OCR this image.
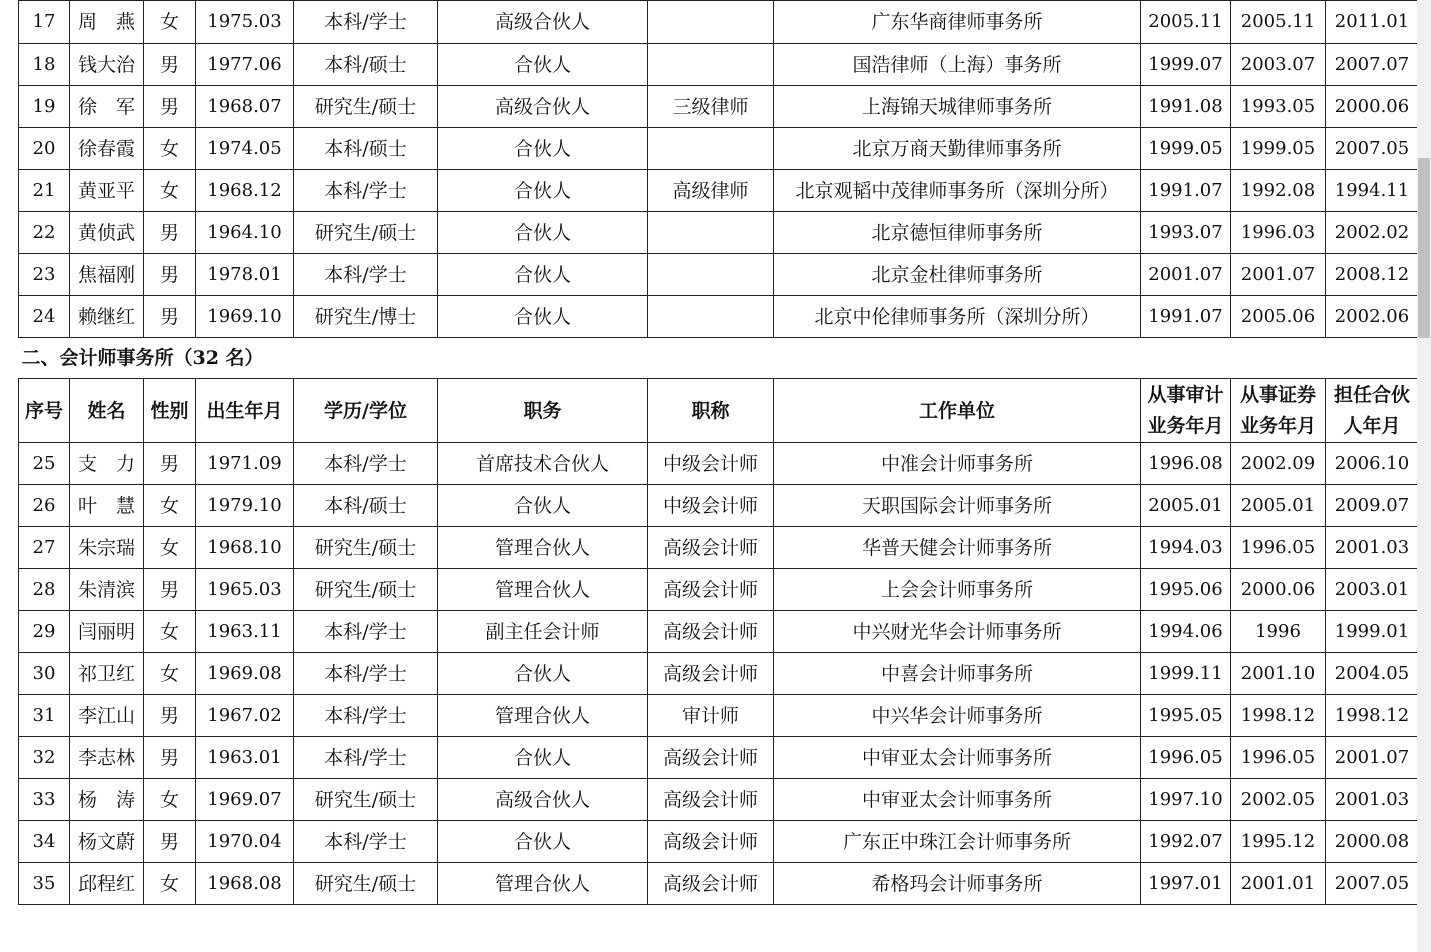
17	周　燕	女	1975.03	本科/学士	高级合伙人		广东华商律师事务所	2005.11	2005.11	2011.01
18	钱大治	男	1977.06	本科/硕士	合伙人		国浩律师（上海）事务所	1999.07	2003.07	2007.07
19	徐　军	男	1968.07	研究生/硕士	高级合伙人	三级律师	上海锦天城律师事务所	1991.08	1993.05	2000.06
20	徐春霞	女	1974.05	本科/硕士	合伙人		北京万商天勤律师事务所	1999.05	1999.05	2007.05
21	黄亚平	女	1968.12	本科/学士	合伙人	高级律师	北京观韬中茂律师事务所（深圳分所）	1991.07	1992.08	1994.11
22	黄侦武	男	1964.10	研究生/硕士	合伙人		北京德恒律师事务所	1993.07	1996.03	2002.02
23	焦福刚	男	1978.01	本科/学士	合伙人		北京金杜律师事务所	2001.07	2001.07	2008.12
24	赖继红	男	1969.10	研究生/博士	合伙人		北京中伦律师事务所（深圳分所）	1991.07	2005.06	2002.06
二、会计师事务所（32 名）										
序号	姓名	性别	出生年月	学历/学位	职务	职称	工作单位	从事审计业务年月	从事证券业务年月	担任合伙人年月
25	支　力	男	1971.09	本科/学士	首席技术合伙人	中级会计师	中准会计师事务所	1996.08	2002.09	2006.10
26	叶　慧	女	1979.10	本科/硕士	合伙人	中级会计师	天职国际会计师事务所	2005.01	2005.01	2009.07
27	朱宗瑞	女	1968.10	研究生/硕士	管理合伙人	高级会计师	华普天健会计师事务所	1994.03	1996.05	2001.03
28	朱清滨	男	1965.03	研究生/硕士	管理合伙人	高级会计师	上会会计师事务所	1995.06	2000.06	2003.01
29	闫丽明	女	1963.11	本科/学士	副主任会计师	高级会计师	中兴财光华会计师事务所	1994.06	1996	1999.01
30	祁卫红	女	1969.08	本科/学士	合伙人	高级会计师	中喜会计师事务所	1999.11	2001.10	2004.05
31	李江山	男	1967.02	本科/学士	管理合伙人	审计师	中兴华会计师事务所	1995.05	1998.12	1998.12
32	李志林	男	1963.01	本科/学士	合伙人	高级会计师	中审亚太会计师事务所	1996.05	1996.05	2001.07
33	杨　涛	女	1969.07	研究生/硕士	高级合伙人	高级会计师	中审亚太会计师事务所	1997.10	2002.05	2001.03
34	杨文蔚	男	1970.04	本科/学士	合伙人	高级会计师	广东正中珠江会计师事务所	1992.07	1995.12	2000.08
35	邱程红	女	1968.08	研究生/硕士	管理合伙人	高级会计师	希格玛会计师事务所	1997.01	2001.01	2007.05
